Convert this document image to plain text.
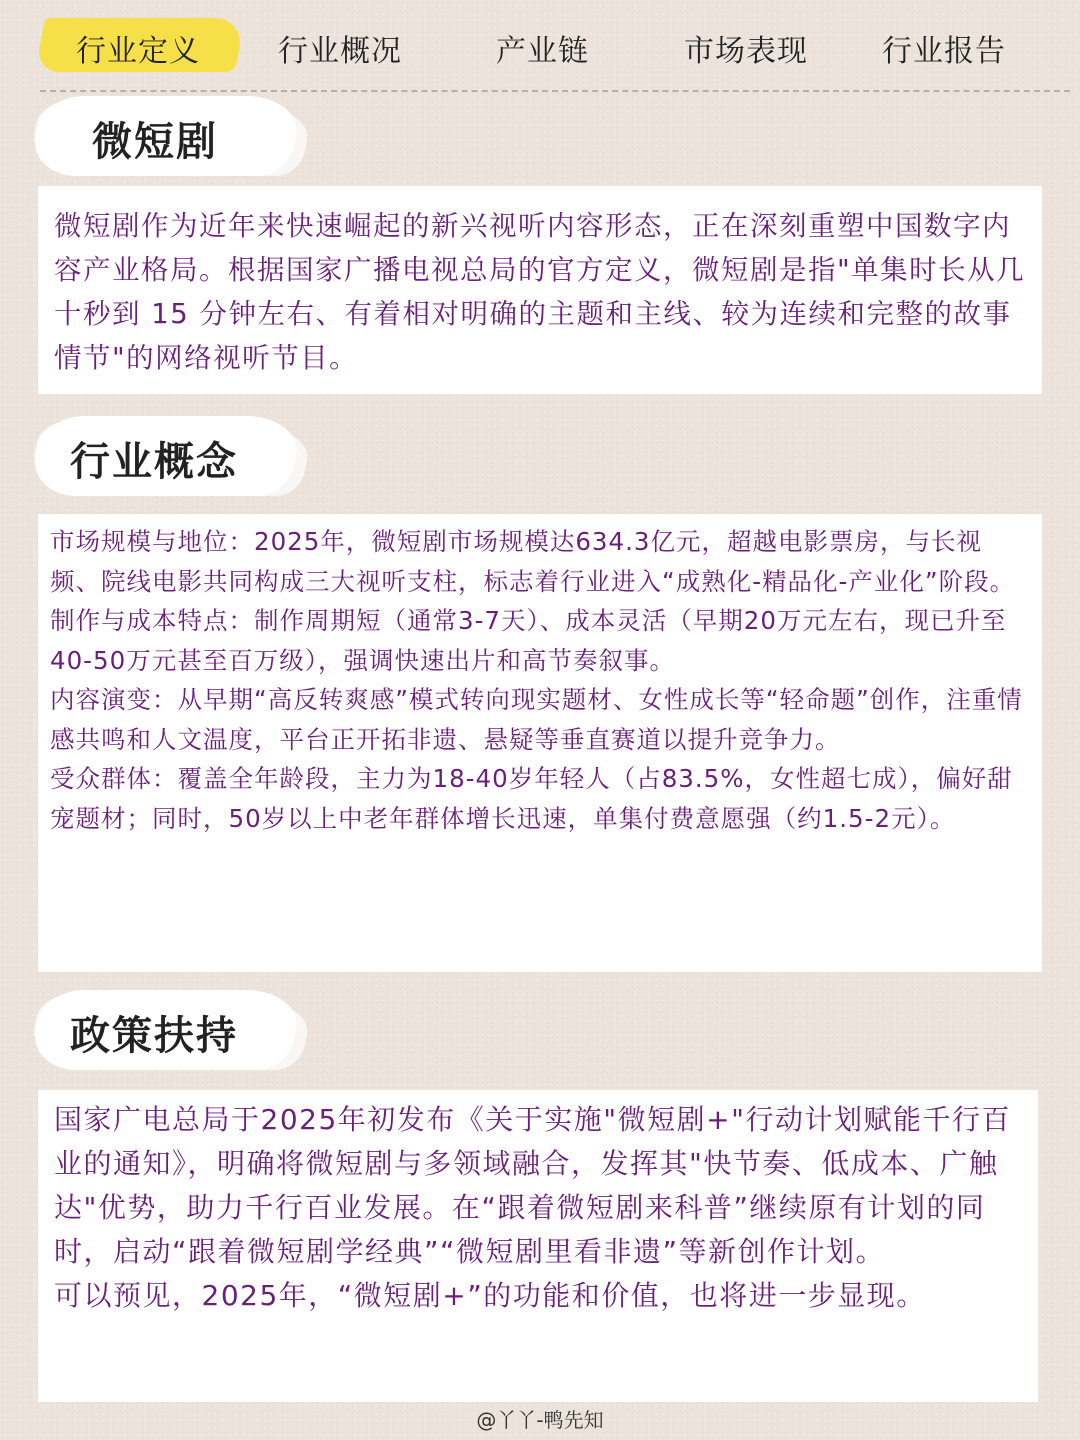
行业定义	行业概况	产业链	市场表现 行业报告
微短剧

微短剧作为近年来快速崛起的新兴视听内容形态，正在深刻重塑中国数字内容产业格局。根据国家广播电视总局的官方定义，微短剧是指"单集时长从几十秒到 15 分钟左右、有着相对明确的主题和主线、较为连续和完整的故事情节"的网络视听节目。

行业概念

市场规模与地位：2025年，微短剧市场规模达634.3亿元，超越电影票房，与长视频、院线电影共同构成三大视听支柱，标志着行业进入“成熟化-精品化-产业化”阶段。

制作与成本特点：制作周期短（通常3-7天）、成本灵活（早期20万元左右，现已升至40-50万元甚至百万级），强调快速出片和高节奏叙事。

内容演变：从早期“高反转爽感”模式转向现实题材、女性成长等“轻命题”创作，注重情感共鸣和人文温度，平台正开拓非遗、悬疑等垂直赛道以提升竞争力。

受众群体：覆盖全年龄段，主力为18-40岁年轻人（占83.5%，女性超七成），偏好甜宠题材；同时，50岁以上中老年群体增长迅速，单集付费意愿强（约1.5-2元）。

政策扶持

国家广电总局于2025年初发布《关于实施"微短剧+"行动计划赋能千行百业的通知》，明确将微短剧与多领域融合，发挥其"快节奏、低成本、广触达"优势，助力千行百业发展。在“跟着微短剧来科普”继续原有计划的同时，启动“跟着微短剧学经典”“微短剧里看非遗”等新创作计划。

可以预见，2025年，“微短剧+”的功能和价值，也将进一步显现。

@丫丫-鸭先知
